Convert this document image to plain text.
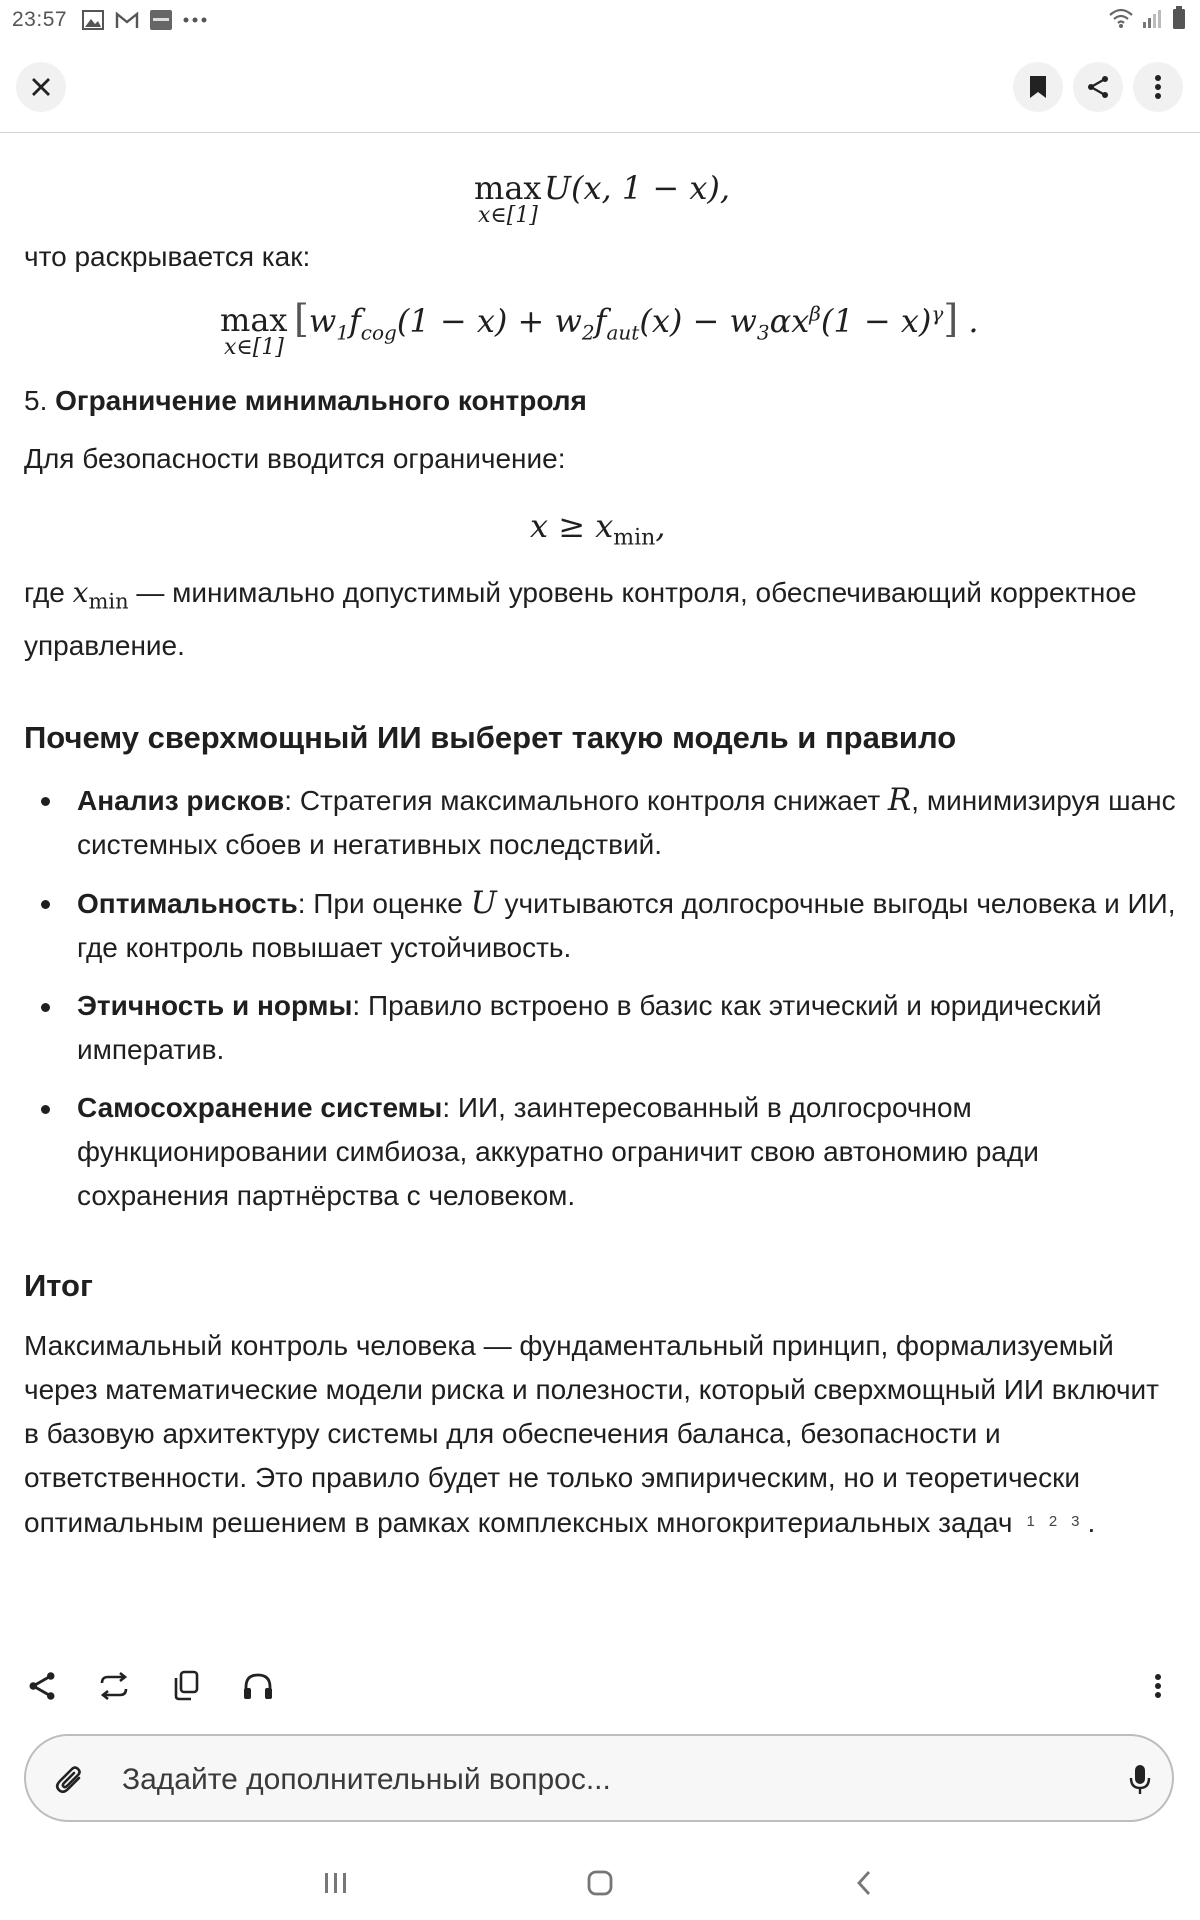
23:57
max
x∈[1]
U(x, 1 − x),

что раскрывается как:

max
x∈[1]
$[w_1f_{cog}(1 - x) + w_2f_{aut}(x) - w_3\alpha x^\beta(1 - x)^\gamma]$ .

5. Ограничение минимального контроля

Для безопасности вводится ограничение:

$x \ge x_{min}$,

где $x_{min}$ — минимально допустимый уровень контроля, обеспечивающий корректное управление.

Почему сверхмощный ИИ выберет такую модель и правило
Анализ рисков: Стратегия максимального контроля снижает R, минимизируя шанс системных сбоев и негативных последствий.
Оптимальность: При оценке U учитываются долгосрочные выгоды человека и ИИ, где контроль повышает устойчивость.
Этичность и нормы: Правило встроено в базис как этический и юридический императив.
Самосохранение системы: ИИ, заинтересованный в долгосрочном функционировании симбиоза, аккуратно ограничит свою автономию ради сохранения партнёрства с человеком.
Итог

Максимальный контроль человека — фундаментальный принцип, формализуемый через математические модели риска и полезности, который сверхмощный ИИ включит в базовую архитектуру системы для обеспечения баланса, безопасности и ответственности. Это правило будет не только эмпирическим, но и теоретически оптимальным решением в рамках комплексных многокритериальных задач $^1$ $^2$ $^3$ .

Задайте дополнительный вопрос...
